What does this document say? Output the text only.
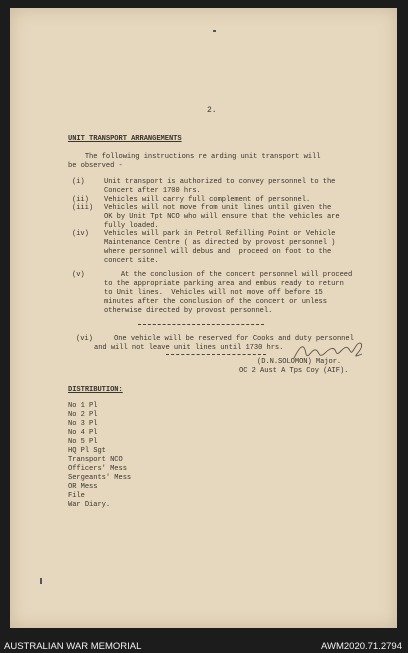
2.
UNIT TRANSPORT ARRANGEMENTS
The following instructions re arding unit transport will
be observed -
(i)	Unit transport is authorized to convey personnel to the
Concert after 1700 hrs.
(ii) Vehicles will carry full complement of personnel.
(iii) Vehicles will not move from unit lines until given the
OK by Unit Tpt NCO who will ensure that the vehicles are
fully loaded.
(iv) Vehicles will park in Petrol Refilling Point or Vehicle
Maintenance Centre ( as directed by provost personnel )
where personnel will debus and  proceed on foot to the
concert site.
(v)	At the conclusion of the concert personnel will proceed
to the appropriate parking area and embus ready to return
to Unit lines.  Vehicles will not move off before 15
minutes after the conclusion of the concert or unless
otherwise directed by provost personnel.
(vi)	One vehicle will be reserved for Cooks and duty personnel
and will not leave unit lines until 1730 hrs.
(D.N.SOLOMON) Major.
OC 2 Aust A Tps Coy (AIF).
DISTRIBUTION:
No 1 Pl
No 2 Pl
No 3 Pl
No 4 Pl
No 5 Pl
HQ Pl Sgt
Transport NCO
Officers' Mess
Sergeants' Mess
OR Mess
File
War Diary.
AUSTRALIAN WAR MEMORIAL	AWM2020.71.2794
